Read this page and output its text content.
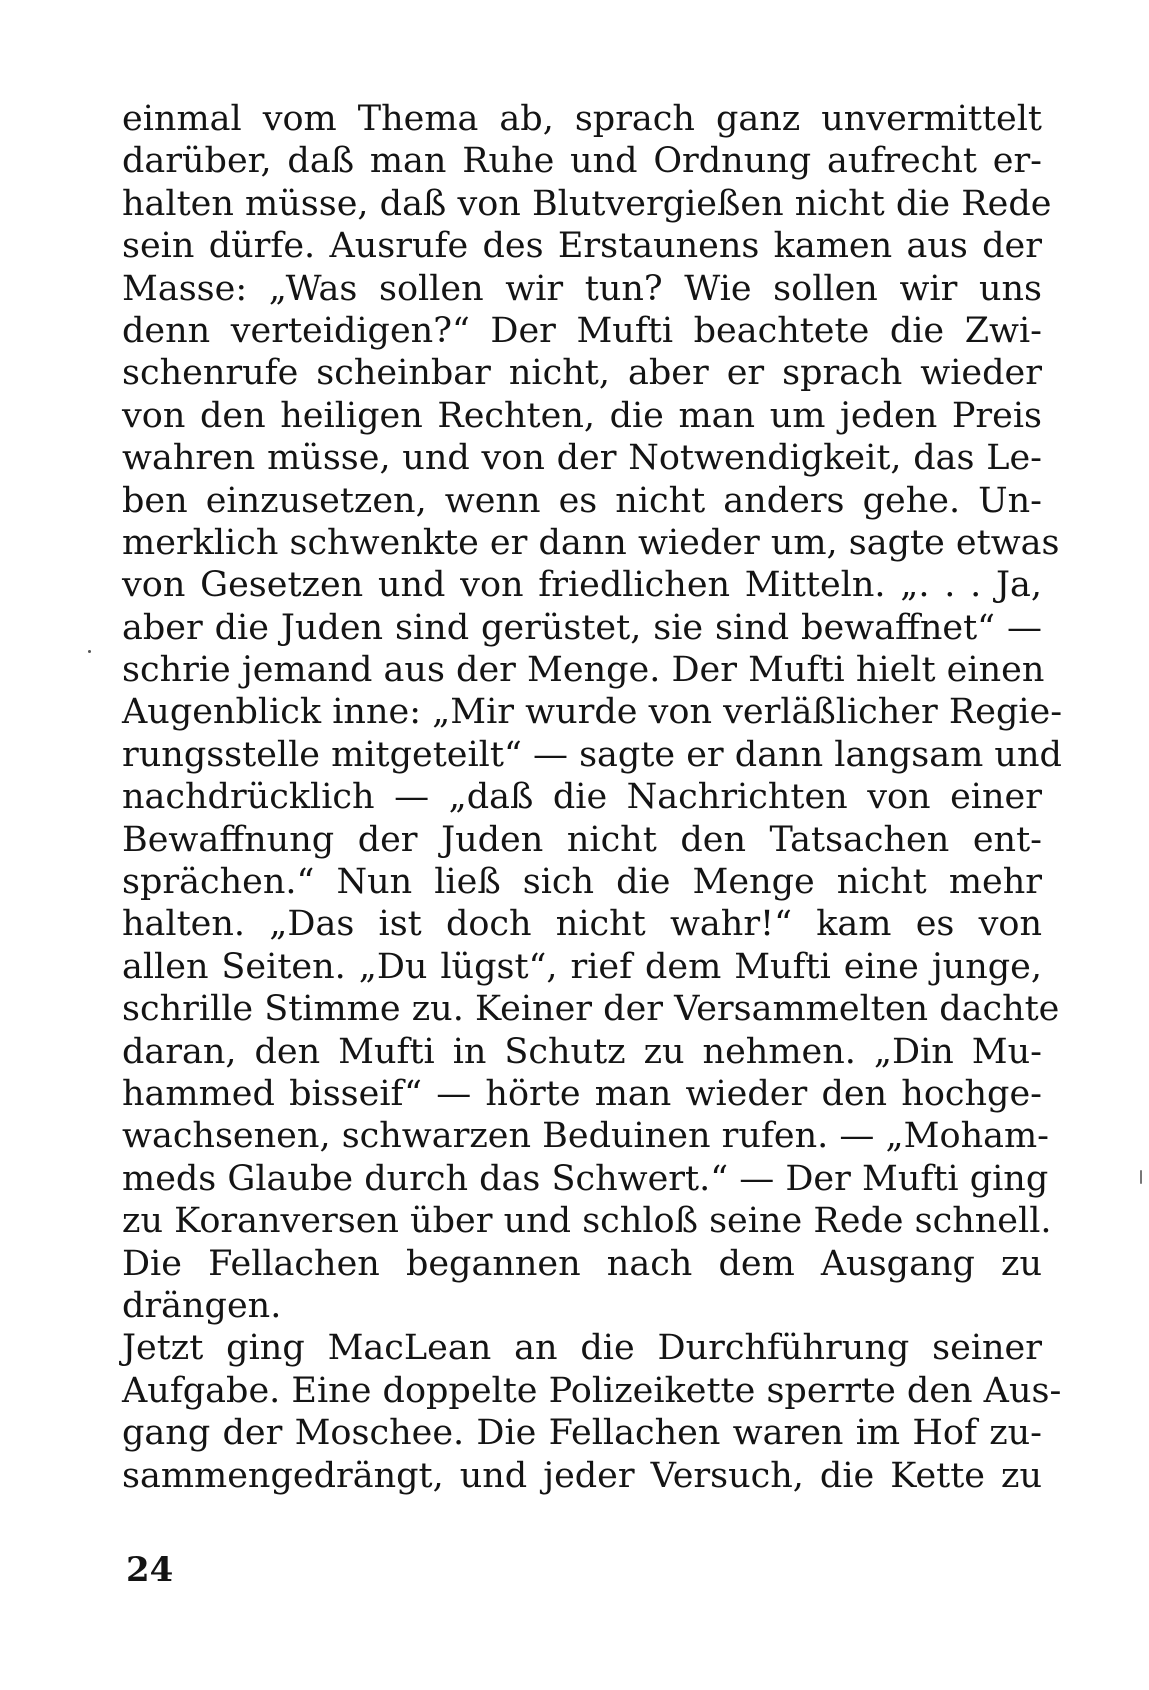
einmal vom Thema ab, sprach ganz unvermittelt
darüber, daß man Ruhe und Ordnung aufrecht er-
halten müsse, daß von Blutvergießen nicht die Rede
sein dürfe. Ausrufe des Erstaunens kamen aus der
Masse: „Was sollen wir tun? Wie sollen wir uns
denn verteidigen?“ Der Mufti beachtete die Zwi-
schenrufe scheinbar nicht, aber er sprach wieder
von den heiligen Rechten, die man um jeden Preis
wahren müsse, und von der Notwendigkeit, das Le-
ben einzusetzen, wenn es nicht anders gehe. Un-
merklich schwenkte er dann wieder um, sagte etwas
von Gesetzen und von friedlichen Mitteln. „. . . Ja,
aber die Juden sind gerüstet, sie sind bewaffnet“ —
schrie jemand aus der Menge. Der Mufti hielt einen
Augenblick inne: „Mir wurde von verläßlicher Regie-
rungsstelle mitgeteilt“ — sagte er dann langsam und
nachdrücklich — „daß die Nachrichten von einer
Bewaffnung der Juden nicht den Tatsachen ent-
sprächen.“ Nun ließ sich die Menge nicht mehr
halten. „Das ist doch nicht wahr!“ kam es von
allen Seiten. „Du lügst“, rief dem Mufti eine junge,
schrille Stimme zu. Keiner der Versammelten dachte
daran, den Mufti in Schutz zu nehmen. „Din Mu-
hammed bisseif“ — hörte man wieder den hochge-
wachsenen, schwarzen Beduinen rufen. — „Moham-
meds Glaube durch das Schwert.“ — Der Mufti ging
zu Koranversen über und schloß seine Rede schnell.
Die Fellachen begannen nach dem Ausgang zu
drängen.
Jetzt ging MacLean an die Durchführung seiner
Aufgabe. Eine doppelte Polizeikette sperrte den Aus-
gang der Moschee. Die Fellachen waren im Hof zu-
sammengedrängt, und jeder Versuch, die Kette zu

24
